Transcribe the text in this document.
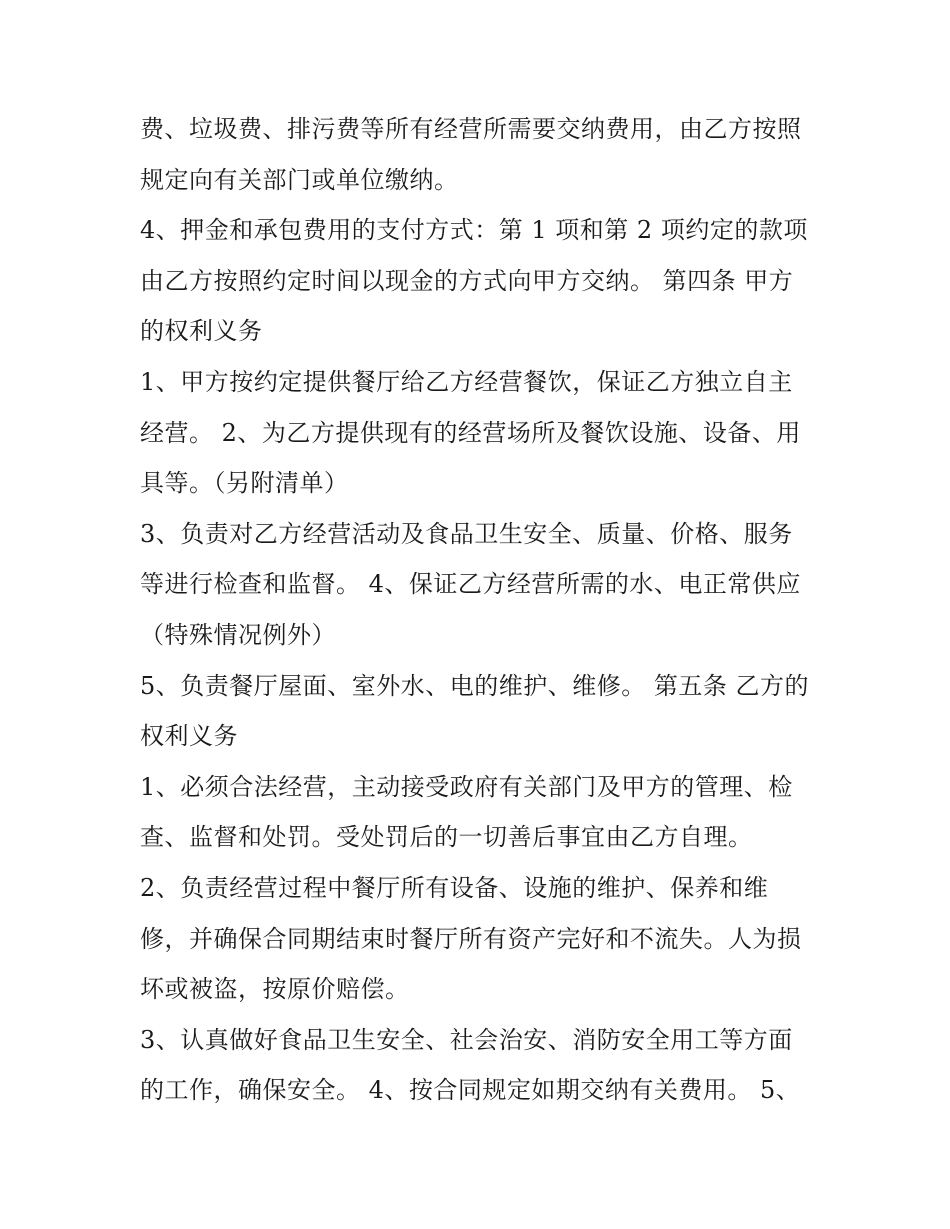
费、垃圾费、排污费等所有经营所需要交纳费用，由乙方按照
规定向有关部门或单位缴纳。
4、押金和承包费用的支付方式：第 1 项和第 2 项约定的款项
由乙方按照约定时间以现金的方式向甲方交纳。 第四条 甲方
的权利义务
1、甲方按约定提供餐厅给乙方经营餐饮，保证乙方独立自主
经营。 2、为乙方提供现有的经营场所及餐饮设施、设备、用
具等。（另附清单）
3、负责对乙方经营活动及食品卫生安全、质量、价格、服务
等进行检查和监督。 4、保证乙方经营所需的水、电正常供应
（特殊情况例外）
5、负责餐厅屋面、室外水、电的维护、维修。 第五条 乙方的
权利义务
1、必须合法经营，主动接受政府有关部门及甲方的管理、检
查、监督和处罚。受处罚后的一切善后事宜由乙方自理。
2、负责经营过程中餐厅所有设备、设施的维护、保养和维
修，并确保合同期结束时餐厅所有资产完好和不流失。人为损
坏或被盗，按原价赔偿。
3、认真做好食品卫生安全、社会治安、消防安全用工等方面
的工作，确保安全。 4、按合同规定如期交纳有关费用。 5、
